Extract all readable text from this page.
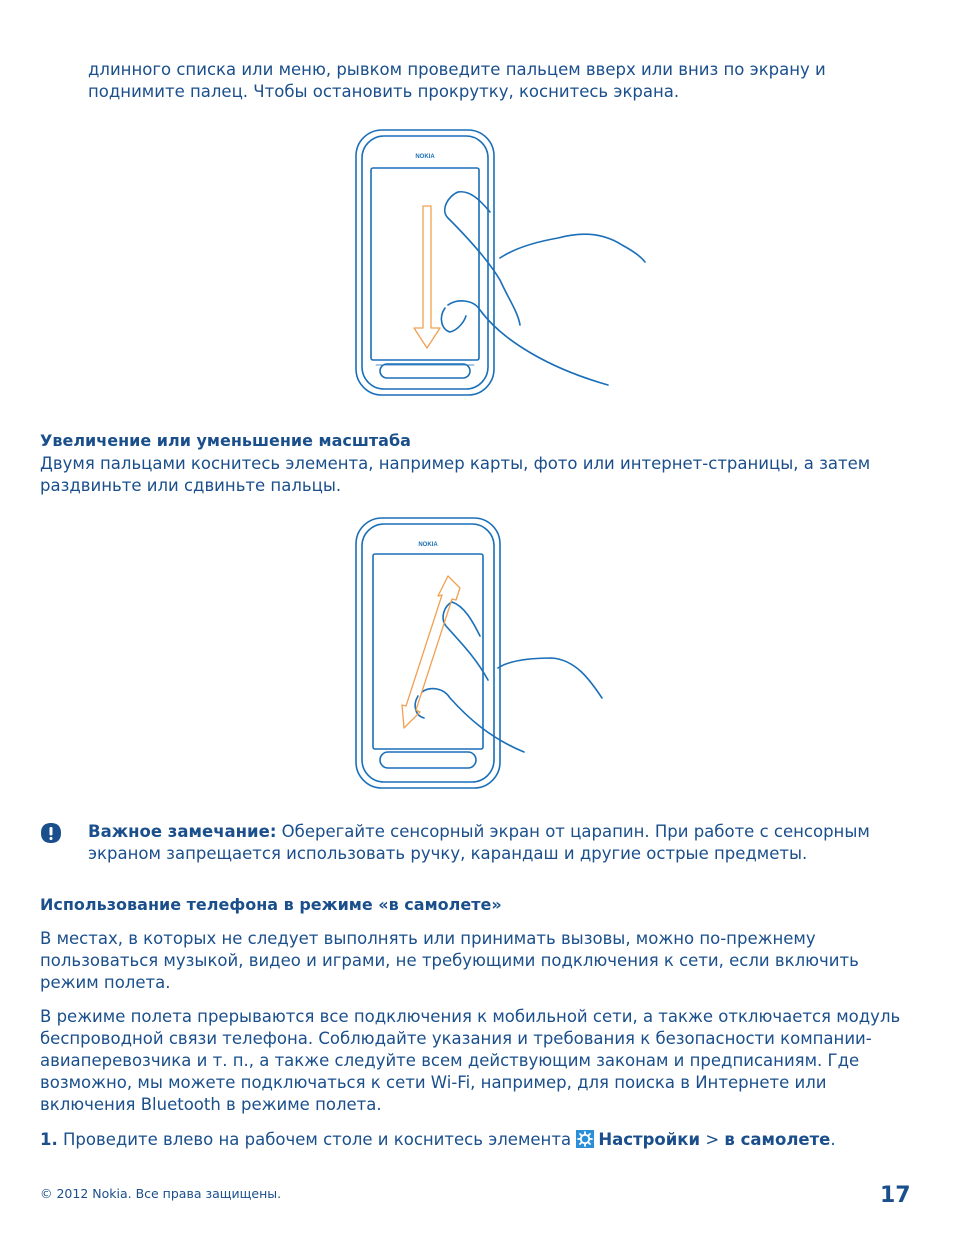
длинного списка или меню, рывком проведите пальцем вверх или вниз по экрану и
поднимите палец. Чтобы остановить прокрутку, коснитесь экрана.
NOKIA
Увеличение или уменьшение масштаба
Двумя пальцами коснитесь элемента, например карты, фото или интернет-страницы, а затем
раздвиньте или сдвиньте пальцы.
NOKIA
Важное замечание: Оберегайте сенсорный экран от царапин. При работе с сенсорным
экраном запрещается использовать ручку, карандаш и другие острые предметы.
Использование телефона в режиме «в самолете»
В местах, в которых не следует выполнять или принимать вызовы, можно по-прежнему
пользоваться музыкой, видео и играми, не требующими подключения к сети, если включить
режим полета.
В режиме полета прерываются все подключения к мобильной сети, а также отключается модуль
беспроводной связи телефона. Соблюдайте указания и требования к безопасности компании-
авиаперевозчика и т. п., а также следуйте всем действующим законам и предписаниям. Где
возможно, мы можете подключаться к сети Wi-Fi, например, для поиска в Интернете или
включения Bluetooth в режиме полета.
1. Проведите влево на рабочем столе и коснитесь элемента Настройки > в самолете.
© 2012 Nokia. Все права защищены.	17
